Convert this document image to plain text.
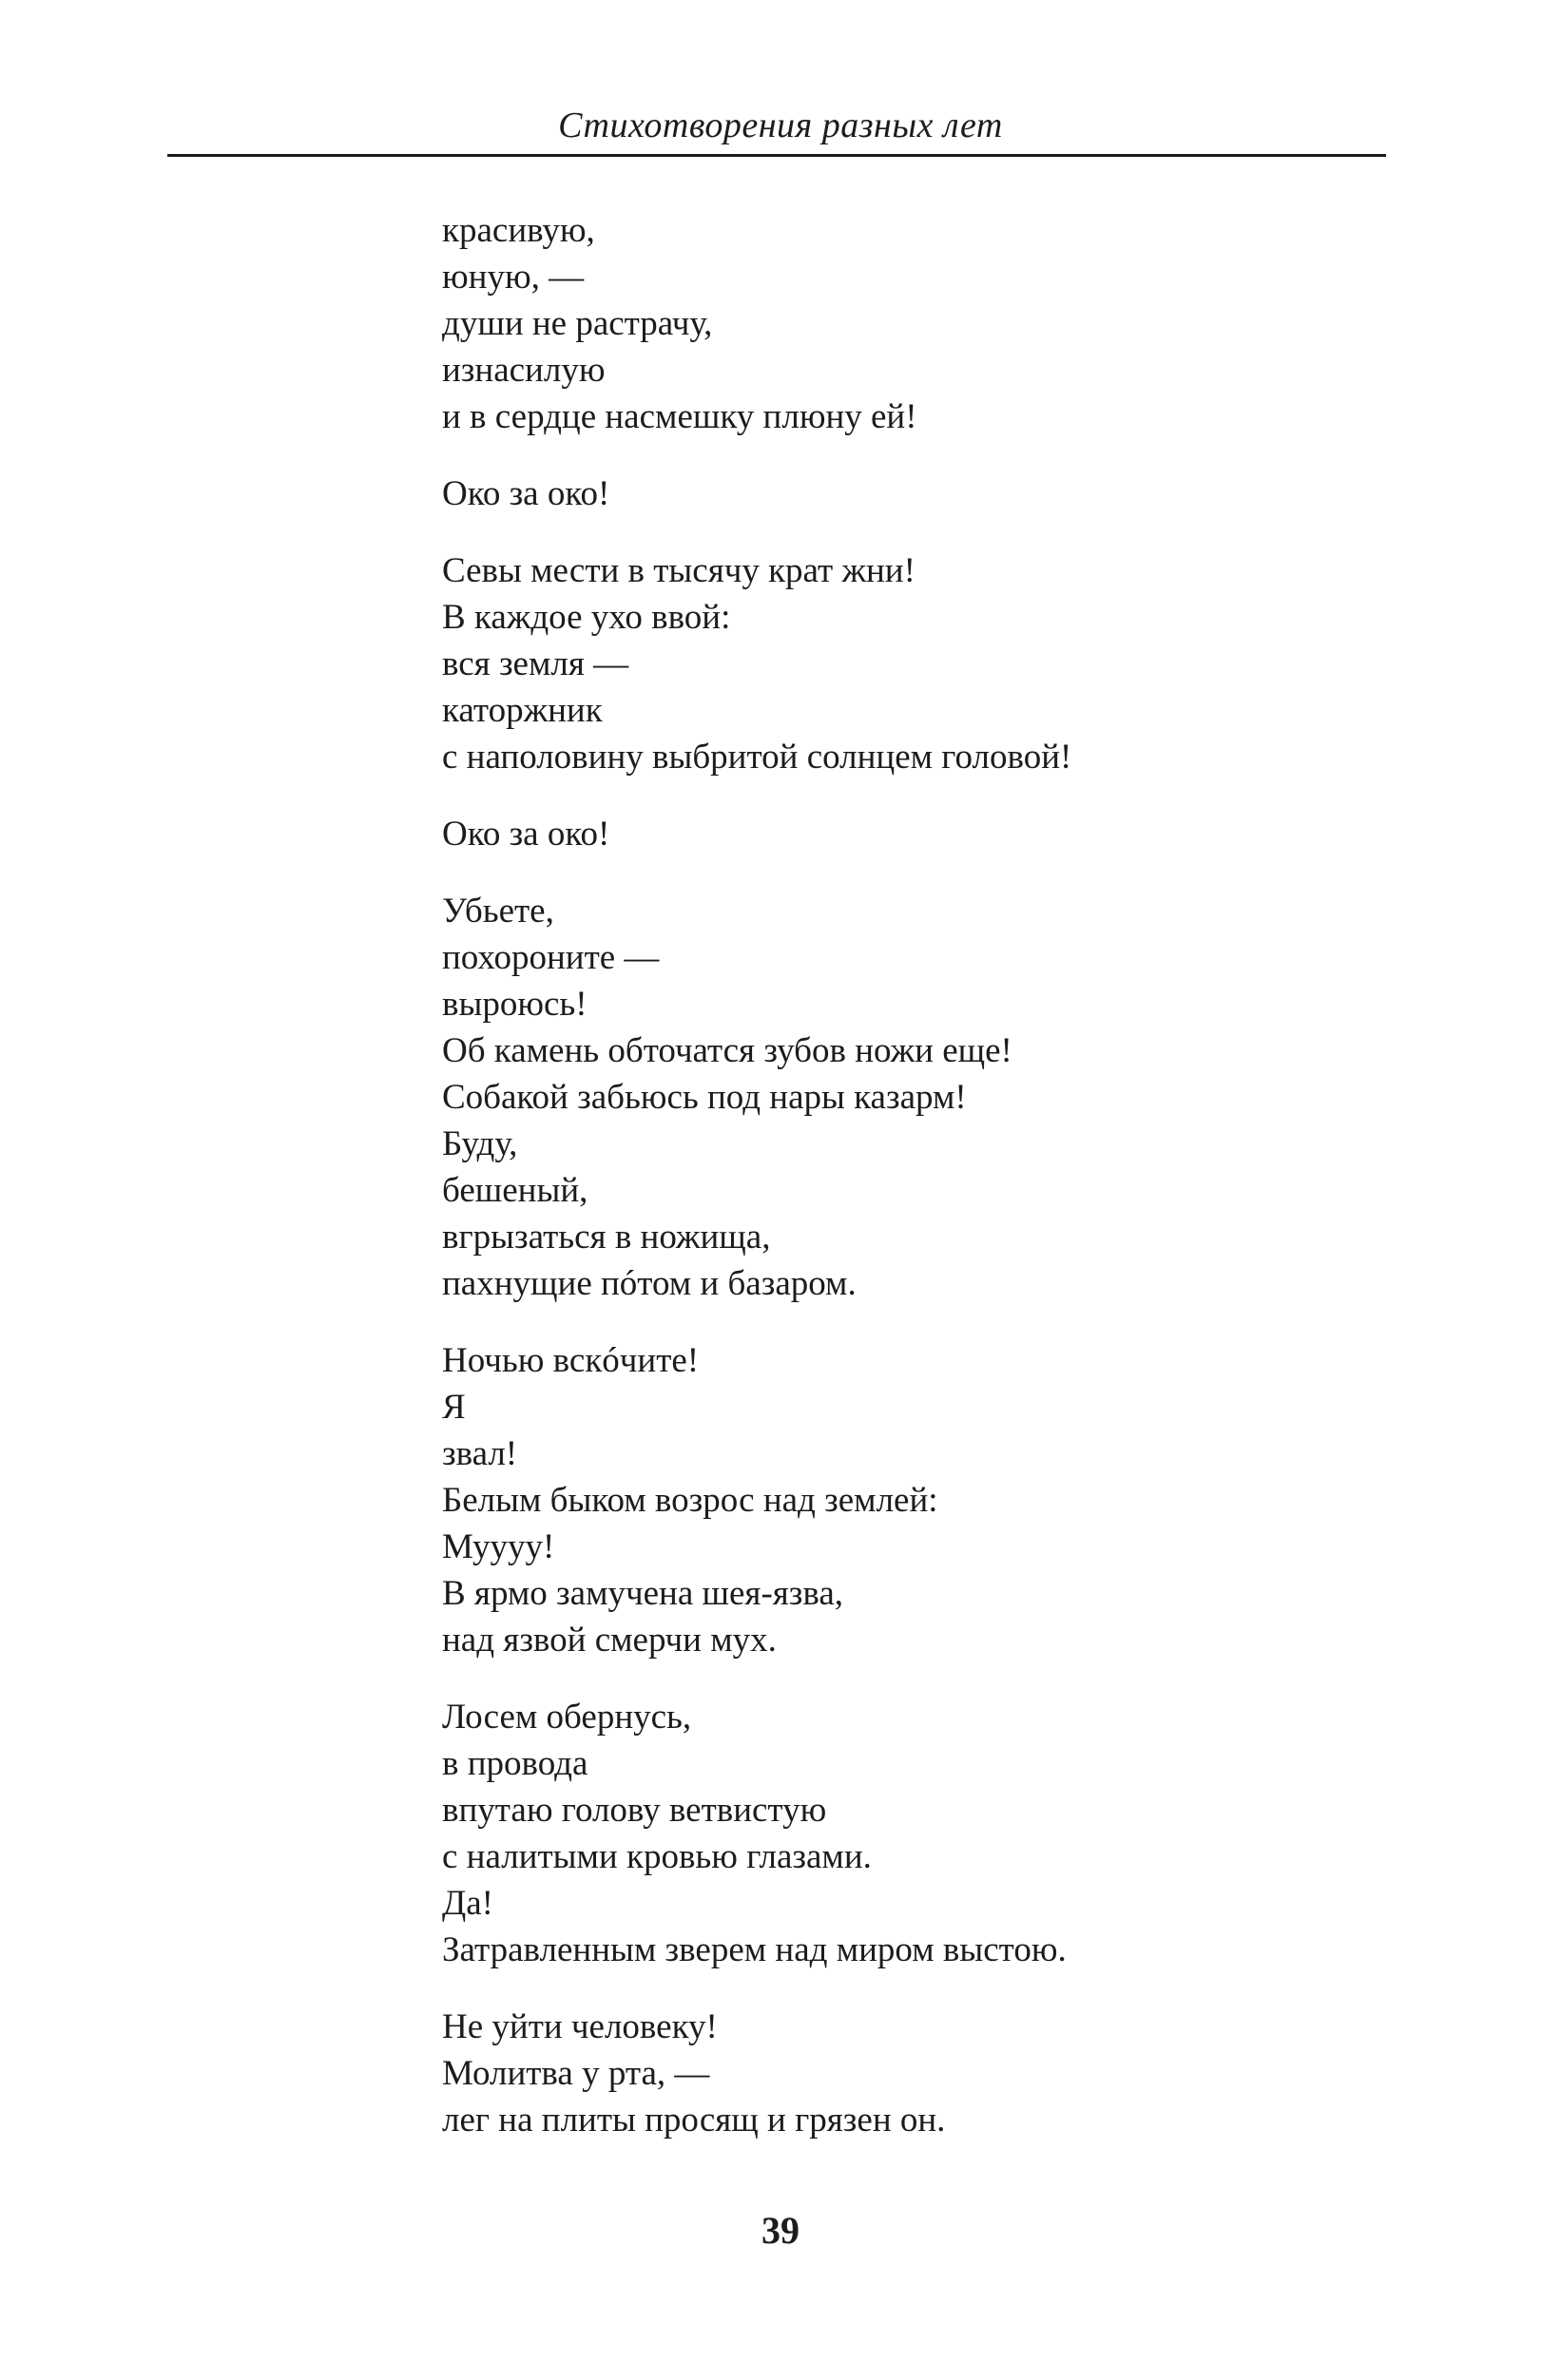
Стихотворения разных лет
красивую,
юную, —
души не растрачу,
изнасилую
и в сердце насмешку плюну ей!
Око за око!
Севы мести в тысячу крат жни!
В каждое ухо ввой:
вся земля —
каторжник
с наполовину выбритой солнцем головой!
Око за око!
Убьете,
похороните —
выроюсь!
Об камень обточатся зубов ножи еще!
Собакой забьюсь под нары казарм!
Буду,
бешеный,
вгрызаться в ножища,
пахнущие пóтом и базаром.
Ночью вскóчите!
Я
звал!
Белым быком возрос над землей:
Муууу!
В ярмо замучена шея-язва,
над язвой смерчи мух.
Лосем обернусь,
в провода
впутаю голову ветвистую
с налитыми кровью глазами.
Да!
Затравленным зверем над миром выстою.
Не уйти человеку!
Молитва у рта, —
лег на плиты просящ и грязен он.
39
